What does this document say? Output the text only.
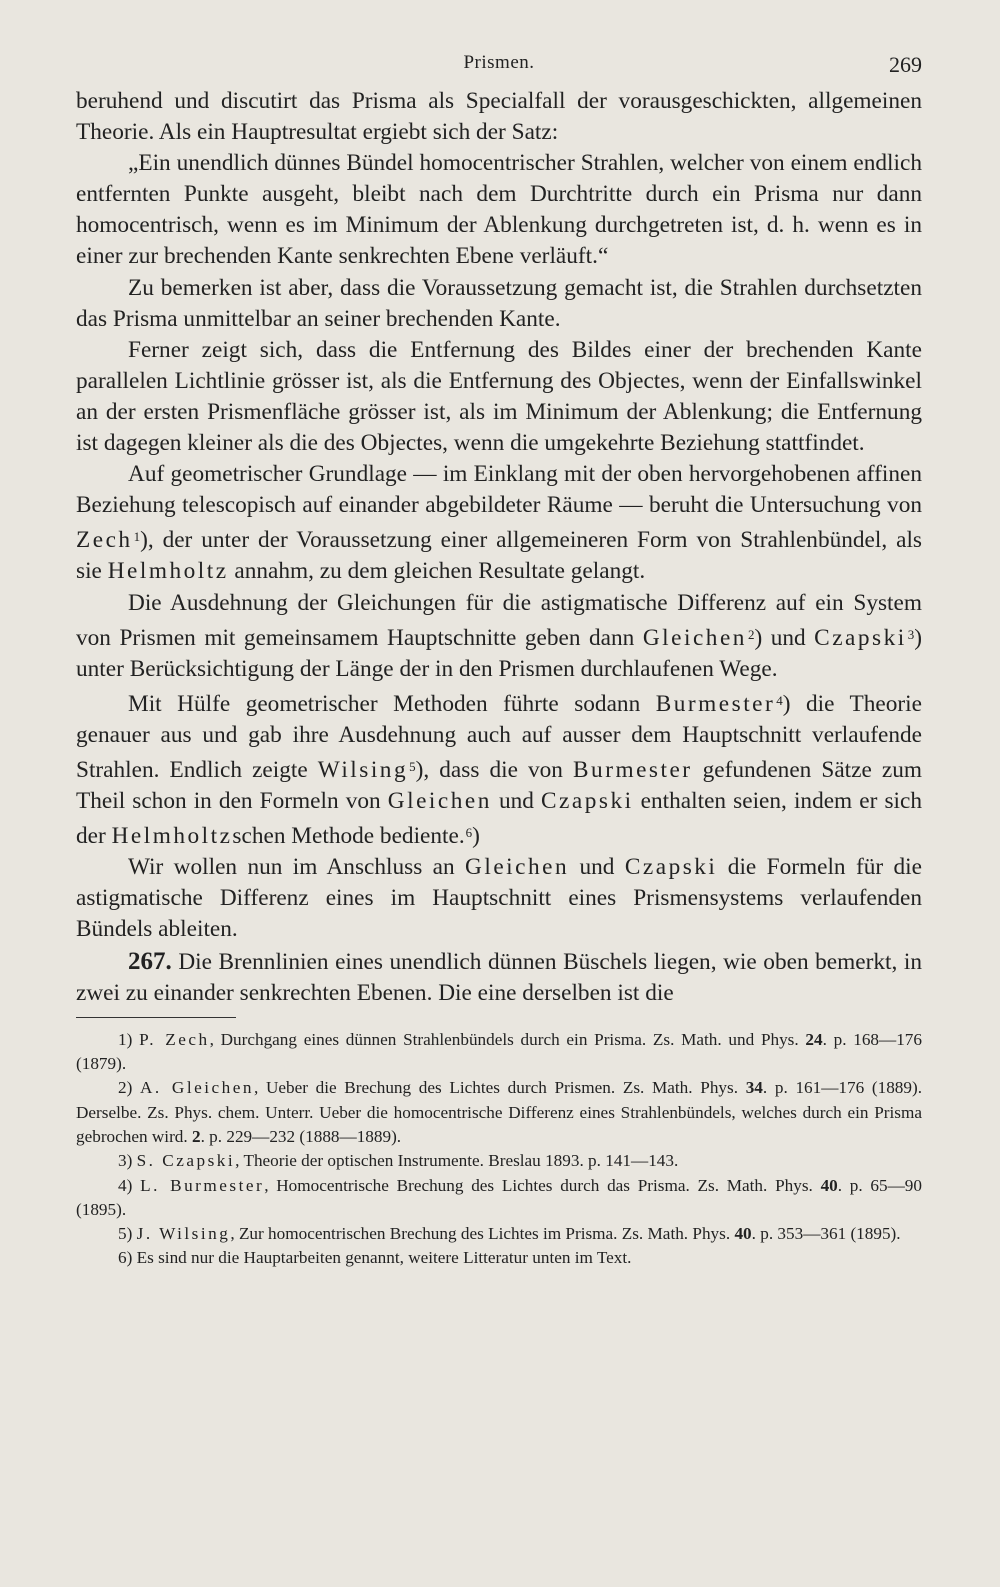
Prismen.	269

beruhend und discutirt das Prisma als Specialfall der vorausgeschickten, allgemeinen Theorie. Als ein Hauptresultat ergiebt sich der Satz:

„Ein unendlich dünnes Bündel homocentrischer Strahlen, welcher von einem endlich entfernten Punkte ausgeht, bleibt nach dem Durchtritte durch ein Prisma nur dann homocentrisch, wenn es im Minimum der Ablenkung durchgetreten ist, d. h. wenn es in einer zur brechenden Kante senkrechten Ebene verläuft.“

Zu bemerken ist aber, dass die Voraussetzung gemacht ist, die Strahlen durchsetzten das Prisma unmittelbar an seiner brechenden Kante.

Ferner zeigt sich, dass die Entfernung des Bildes einer der brechenden Kante parallelen Lichtlinie grösser ist, als die Entfernung des Objectes, wenn der Einfallswinkel an der ersten Prismenfläche grösser ist, als im Minimum der Ablenkung; die Entfernung ist dagegen kleiner als die des Objectes, wenn die umgekehrte Beziehung stattfindet.

Auf geometrischer Grundlage — im Einklang mit der oben hervorgehobenen affinen Beziehung telescopisch auf einander abgebildeter Räume — beruht die Untersuchung von Zech$^1$), der unter der Voraussetzung einer allgemeineren Form von Strahlenbündel, als sie Helmholtz annahm, zu dem gleichen Resultate gelangt.

Die Ausdehnung der Gleichungen für die astigmatische Differenz auf ein System von Prismen mit gemeinsamem Hauptschnitte geben dann Gleichen$^2$) und Czapski$^3$) unter Berücksichtigung der Länge der in den Prismen durchlaufenen Wege.

Mit Hülfe geometrischer Methoden führte sodann Burmester$^4$) die Theorie genauer aus und gab ihre Ausdehnung auch auf ausser dem Hauptschnitt verlaufende Strahlen. Endlich zeigte Wilsing$^5$), dass die von Burmester gefundenen Sätze zum Theil schon in den Formeln von Gleichen und Czapski enthalten seien, indem er sich der Helmholtzschen Methode bediente.$^6$)

Wir wollen nun im Anschluss an Gleichen und Czapski die Formeln für die astigmatische Differenz eines im Hauptschnitt eines Prismensystems verlaufenden Bündels ableiten.

267. Die Brennlinien eines unendlich dünnen Büschels liegen, wie oben bemerkt, in zwei zu einander senkrechten Ebenen. Die eine derselben ist die

1) P. Zech, Durchgang eines dünnen Strahlenbündels durch ein Prisma. Zs. Math. und Phys. 24. p. 168—176 (1879).

2) A. Gleichen, Ueber die Brechung des Lichtes durch Prismen. Zs. Math. Phys. 34. p. 161—176 (1889). Derselbe. Zs. Phys. chem. Unterr. Ueber die homocentrische Differenz eines Strahlenbündels, welches durch ein Prisma gebrochen wird. 2. p. 229—232 (1888—1889).

3) S. Czapski, Theorie der optischen Instrumente. Breslau 1893. p. 141—143.

4) L. Burmester, Homocentrische Brechung des Lichtes durch das Prisma. Zs. Math. Phys. 40. p. 65—90 (1895).

5) J. Wilsing, Zur homocentrischen Brechung des Lichtes im Prisma. Zs. Math. Phys. 40. p. 353—361 (1895).

6) Es sind nur die Hauptarbeiten genannt, weitere Litteratur unten im Text.
